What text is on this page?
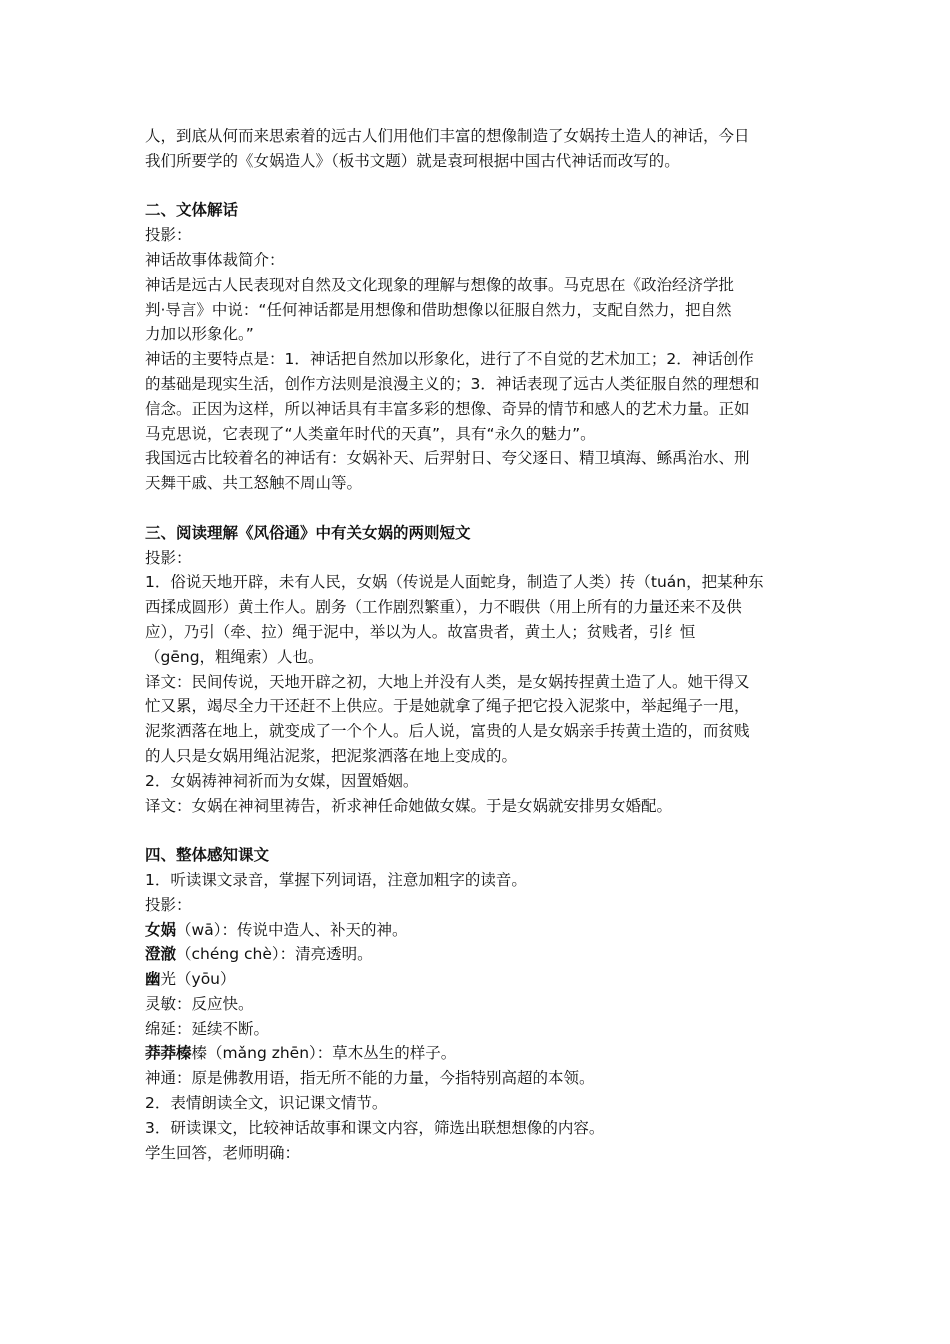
人，到底从何而来思索着的远古人们用他们丰富的想像制造了女娲抟土造人的神话，今日
我们所要学的《女娲造人》（板书文题）就是袁珂根据中国古代神话而改写的。
二、文体解话
投影：
神话故事体裁简介：
神话是远古人民表现对自然及文化现象的理解与想像的故事。马克思在《政治经济学批
判·导言》中说：“任何神话都是用想像和借助想像以征服自然力，支配自然力，把自然
力加以形象化。”
神话的主要特点是：1．神话把自然加以形象化，进行了不自觉的艺术加工；2．神话创作
的基础是现实生活，创作方法则是浪漫主义的；3．神话表现了远古人类征服自然的理想和
信念。正因为这样，所以神话具有丰富多彩的想像、奇异的情节和感人的艺术力量。正如
马克思说，它表现了“人类童年时代的天真”，具有“永久的魅力”。
我国远古比较着名的神话有：女娲补天、后羿射日、夸父逐日、精卫填海、鲧禹治水、刑
天舞干戚、共工怒触不周山等。
三、阅读理解《风俗通》中有关女娲的两则短文
投影：
1．俗说天地开辟，未有人民，女娲（传说是人面蛇身，制造了人类）抟（tuán，把某种东
西揉成圆形）黄土作人。剧务（工作剧烈繁重），力不暇供（用上所有的力量还来不及供
应），乃引（牵、拉）绳于泥中，举以为人。故富贵者，黄土人；贫贱者，引纟恒
（gēng，粗绳索）人也。
译文：民间传说，天地开辟之初，大地上并没有人类，是女娲抟捏黄土造了人。她干得又
忙又累，竭尽全力干还赶不上供应。于是她就拿了绳子把它投入泥浆中，举起绳子一甩，
泥浆洒落在地上，就变成了一个个人。后人说，富贵的人是女娲亲手抟黄土造的，而贫贱
的人只是女娲用绳沾泥浆，把泥浆洒落在地上变成的。
2．女娲祷神祠祈而为女媒，因置婚姻。
译文：女娲在神祠里祷告，祈求神任命她做女媒。于是女娲就安排男女婚配。
四、整体感知课文
1．听读课文录音，掌握下列词语，注意加粗字的读音。
投影：
女娲（wā）：传说中造人、补天的神。
澄澈（chéng chè）：清亮透明。
幽光（yōu）
灵敏：反应快。
绵延：延续不断。
莽莽榛榛（mǎng zhēn）：草木丛生的样子。
神通：原是佛教用语，指无所不能的力量，今指特别高超的本领。
2．表情朗读全文，识记课文情节。
3．研读课文，比较神话故事和课文内容，筛选出联想想像的内容。
学生回答，老师明确：
